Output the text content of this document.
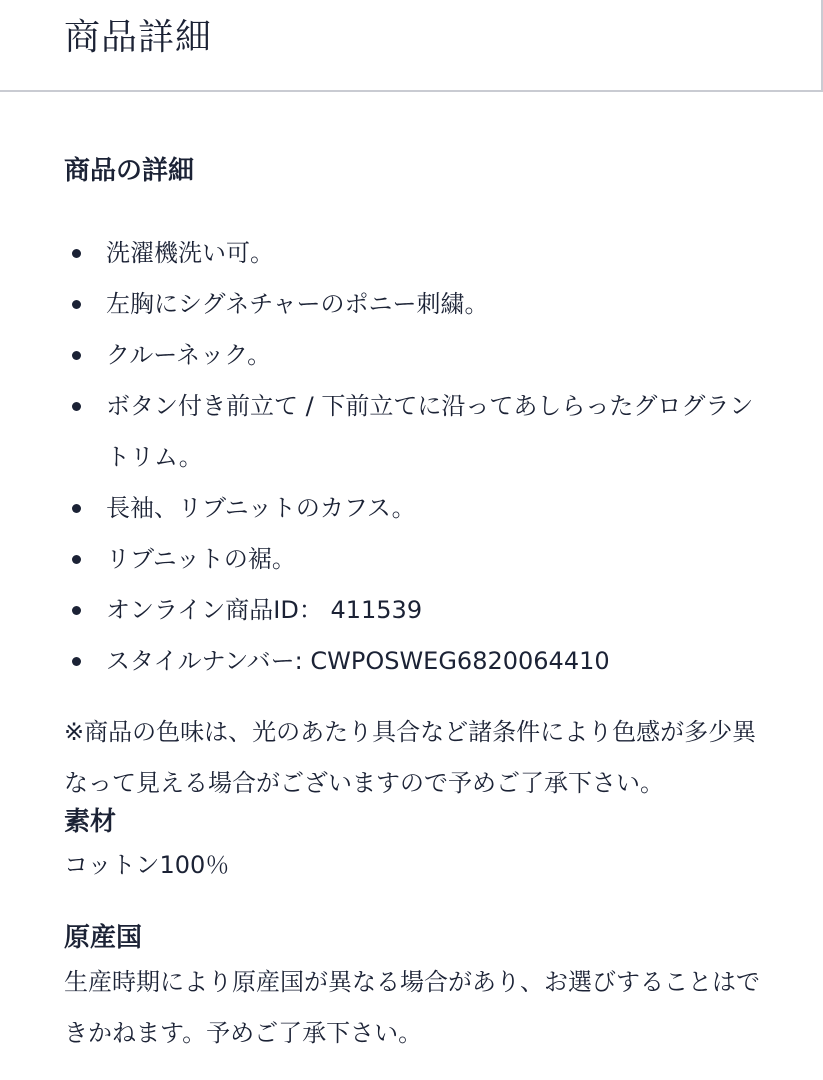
商品詳細
商品の詳細
洗濯機洗い可。
左胸にシグネチャーのポニー刺繍。
クルーネック。
ボタン付き前立て / 下前立てに沿ってあしらったグログラントリム。
長袖、リブニットのカフス。
リブニットの裾。
オンライン商品ID： 411539
スタイルナンバー: CWPOSWEG6820064410

※商品の色味は、光のあたり具合など諸条件により色感が多少異なって見える場合がございますので予めご了承下さい。

素材

コットン100％

原産国

生産時期により原産国が異なる場合があり、お選びすることはできかねます。予めご了承下さい。
